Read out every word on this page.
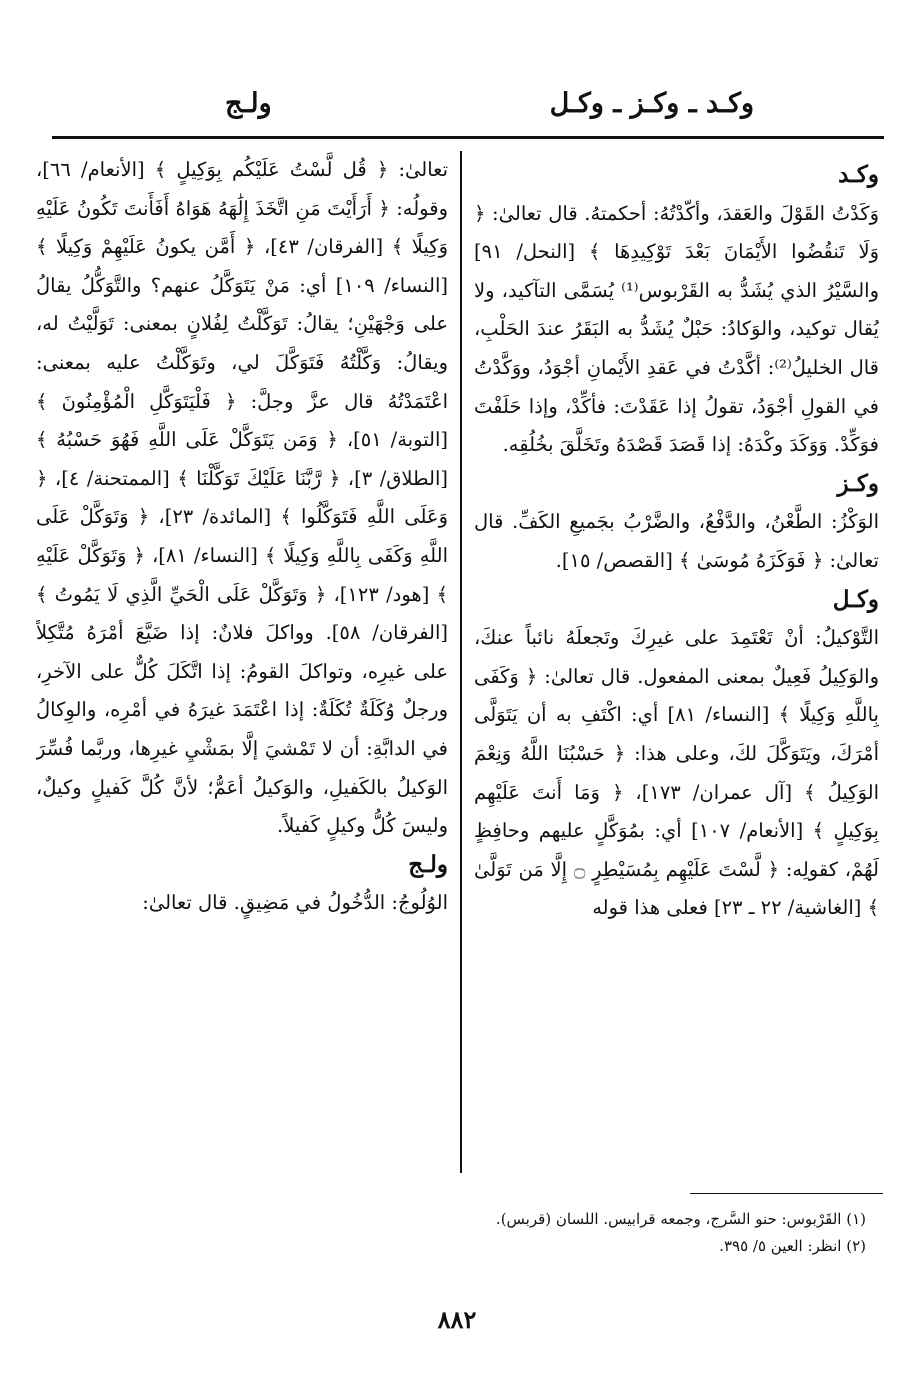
وكـد ـ وكـز ـ وكـل
ولـج
وكـد
وَكَدْتُ القَوْلَ والعَقدَ، وأكّدْتُهُ: أحكمتهُ. قال تعالىٰ: ﴿ وَلَا تَنقُضُوا الأَيْمَانَ بَعْدَ تَوْكِيدِهَا ﴾ [النحل/ ٩١] والسَّيْرُ الذي يُشَدُّ به القَرْبوس⁽¹⁾ يُسَمَّى التآكيد، ولا يُقال توكيد، والوَكادُ: حَبْلٌ يُشَدُّ به البَقَرُ عندَ الحَلْبِ، قال الخليلُ⁽²⁾: أكَّدْتُ في عَقدِ الأَيْمانِ أجْوَدُ، ووَكَّدْتُ في القولِ أجْوَدُ، تقولُ إذا عَقَدْتَ: فأكِّدْ، وإذا حَلَفْتَ فوَكِّدْ. وَوَكَدَ وكْدَهُ: إذا قَصَدَ قَصْدَهُ وتَخَلَّقَ بخُلُقِه.
وكـز
الوَكْزُ: الطَّعْنُ، والدَّفْعُ، والضَّرْبُ بجَميعِ الكَفِّ. قال تعالىٰ: ﴿ فَوَكَزَهُ مُوسَىٰ ﴾ [القصص/ ١٥].
وكـل
التَّوْكيلُ: أنْ تَعْتَمِدَ على غيرِكَ وتَجعلَهُ نائباً عنكَ، والوَكِيلُ فَعِيلٌ بمعنى المفعول. قال تعالىٰ: ﴿ وَكَفَى بِاللَّهِ وَكِيلًا ﴾ [النساء/ ٨١] أي: اكْتَفِ به أن يَتَوَلَّى أمْرَكَ، ويَتَوَكَّلَ لكَ، وعلى هذا: ﴿ حَسْبُنَا اللَّهُ وَنِعْمَ الوَكِيلُ ﴾ [آل عمران/ ١٧٣]، ﴿ وَمَا أَنتَ عَلَيْهِم بِوَكِيلٍ ﴾ [الأنعام/ ١٠٧] أي: بمُوَكَّلٍ عليهم وحافِظٍ لَهُمْ، كقولِه: ﴿ لَّسْتَ عَلَيْهِم بِمُسَيْطِرٍ ۝ إِلَّا مَن تَوَلَّىٰ ﴾ [الغاشية/ ٢٢ ـ ٢٣] فعلى هذا قوله
تعالىٰ: ﴿ قُل لَّسْتُ عَلَيْكُم بِوَكِيلٍ ﴾ [الأنعام/ ٦٦]، وقولُه: ﴿ أَرَأَيْتَ مَنِ اتَّخَذَ إِلَٰهَهُ هَوَاهُ أَفَأَنتَ تَكُونُ عَلَيْهِ وَكِيلًا ﴾ [الفرقان/ ٤٣]، ﴿ أَمَّن يكونُ عَلَيْهِمْ وَكِيلًا ﴾ [النساء/ ١٠٩] أي: مَنْ يَتَوَكَّلُ عنهم؟ والتَّوَكُّلُ يقالُ على وَجْهَيْنِ؛ يقالُ: تَوَكَّلْتُ لِفُلانٍ بمعنى: تَوَلَّيْتُ له، ويقالُ: وَكَّلْتُهُ فَتَوَكَّلَ لي، وتَوَكَّلْتُ عليه بمعنى: اعْتَمَدْتُهُ قال عزَّ وجلَّ: ﴿ فَلْيَتَوَكَّلِ الْمُؤْمِنُونَ ﴾ [التوبة/ ٥١]، ﴿ وَمَن يَتَوَكَّلْ عَلَى اللَّهِ فَهُوَ حَسْبُهُ ﴾ [الطلاق/ ٣]، ﴿ رَّبَّنَا عَلَيْكَ تَوَكَّلْنَا ﴾ [الممتحنة/ ٤]، ﴿ وَعَلَى اللَّهِ فَتَوَكَّلُوا ﴾ [المائدة/ ٢٣]، ﴿ وَتَوَكَّلْ عَلَى اللَّهِ وَكَفَى بِاللَّهِ وَكِيلًا ﴾ [النساء/ ٨١]، ﴿ وَتَوَكَّلْ عَلَيْهِ ﴾ [هود/ ١٢٣]، ﴿ وَتَوَكَّلْ عَلَى الْحَيِّ الَّذِي لَا يَمُوتُ ﴾ [الفرقان/ ٥٨]. وواكلَ فلانٌ: إذا ضَيَّعَ أمْرَهُ مُتَّكِلاً على غيرِه، وتواكلَ القومُ: إذا اتَّكَلَ كُلٌّ على الآخرِ، ورجلٌ وُكَلَةٌ تُكَلَةٌ: إذا اعْتَمَدَ غيرَهُ في أمْرِه، والوِكالُ في الدابَّةِ: أن لا تَمْشيَ إلَّا بمَشْيِ غيرِها، وربَّما فُسِّرَ الوَكيلُ بالكَفيلِ، والوَكيلُ أعَمُّ؛ لأنَّ كُلَّ كَفيلٍ وكيلٌ، وليسَ كُلُّ وكيلٍ كَفيلاً.
ولـج
الوُلُوجُ: الدُّخُولُ في مَضِيقٍ. قال تعالىٰ:
(١) القَرْبوس: حنو السَّرج، وجمعه قرابيس. اللسان (قربس).
(٢) انظر: العين ٥/ ٣٩٥.
٨٨٢
